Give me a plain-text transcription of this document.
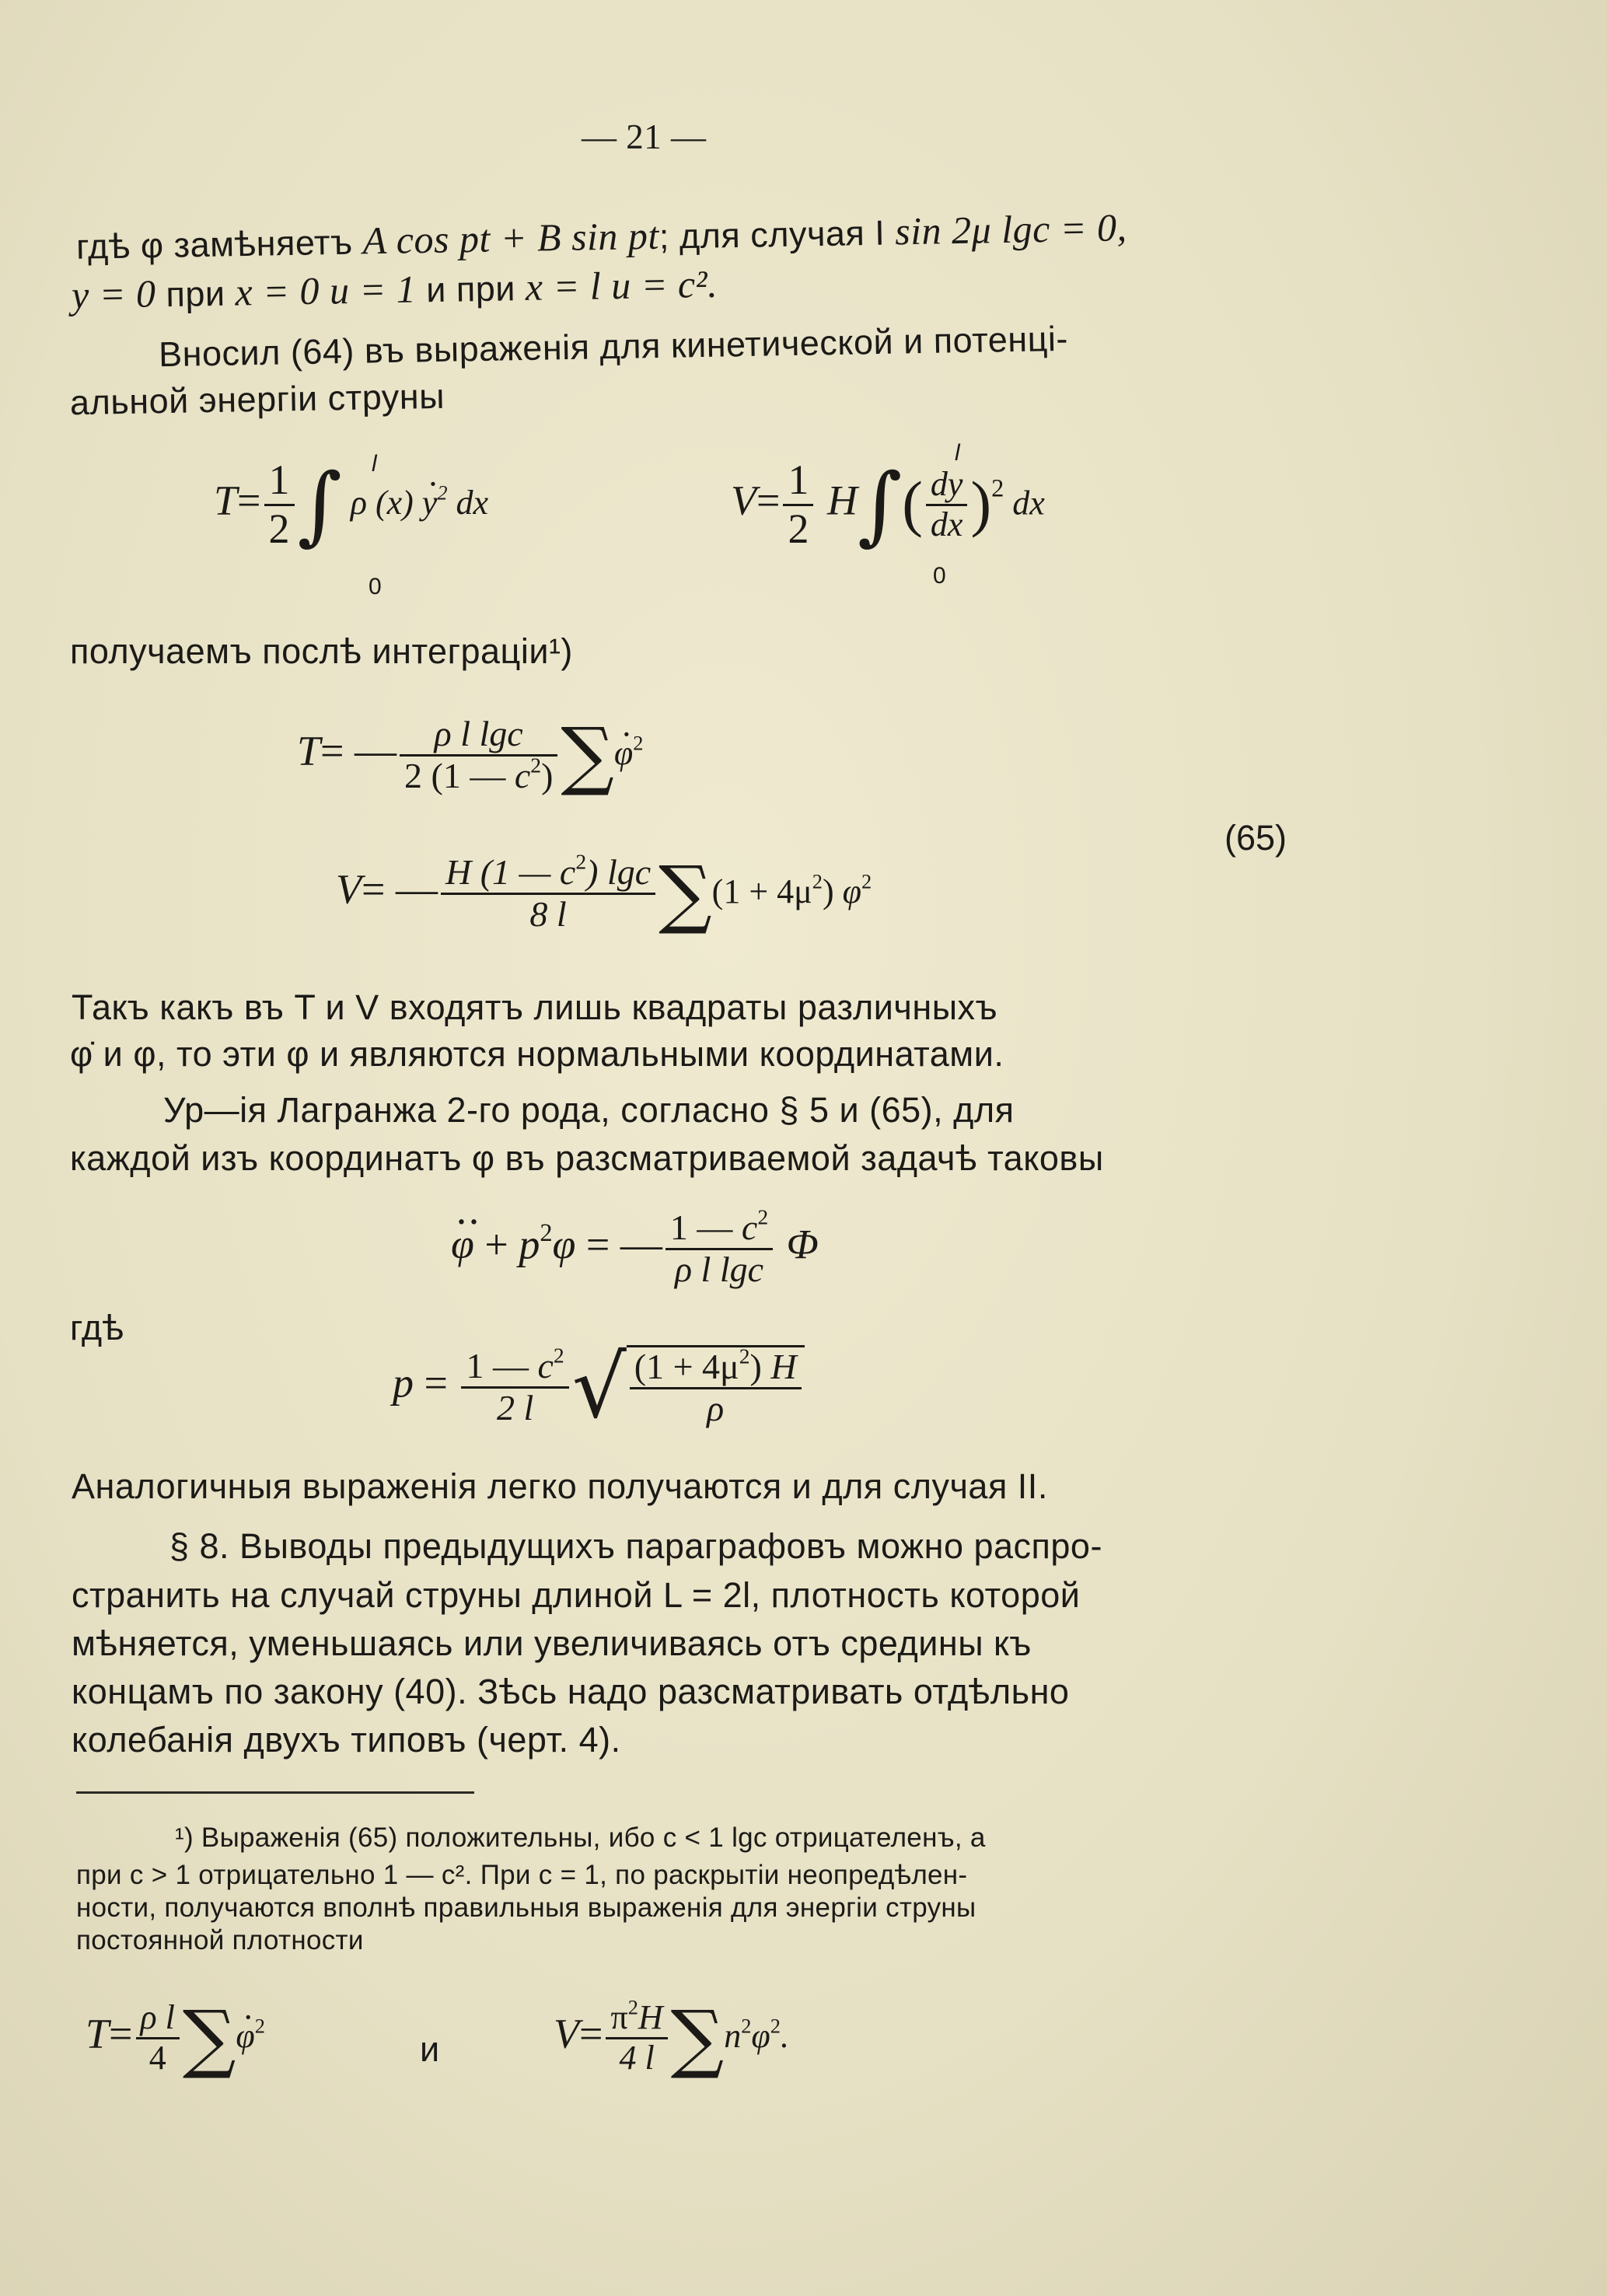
— 21 —
гдѣ φ замѣняетъ A cos pt + B sin pt; для случая I sin 2μ lgc = 0,
y = 0 при x = 0 u = 1 и при x = l u = c².
Вносил (64) въ выраженія для кинетической и потенці-
альной энергіи струны
$T= \frac{1}{2}$ ∫ ρ (x) y ·$^2$ dx
l
0
$V= \frac{1}{2} H\int( \frac{dy}{dx} )^2$ dx
l
0
получаемъ послѣ интеграціи¹)
T= — $\frac{\text{ρ l lgc}}{2 (1 — c^2)} \sum\varphi \cdot^2$
(65)
V= — $\frac{H (1 — c^2) \lg c}{8 l} \sum(1 + 4\mu^2)$ $\varphi^2$
Такъ какъ въ T и V входятъ лишь квадраты различныхъ
φ̇ и φ, то эти φ и являются нормальными координатами.
Ур—ія Лагранжа 2-го рода, согласно § 5 и (65), для
каждой изъ координатъ φ въ разсматриваемой задачѣ таковы
φ ·· + $p^2\varphi$ = — $\frac{1 — c^2}{\text{ρ l lgc}}$ Φ
гдѣ
$p = \frac{1 — c^2}{2 l}$ √ $\frac{(1 + 4\mu^2) H}{\rho}$
Аналогичныя выраженія легко получаются и для случая II.
§ 8. Выводы предыдущихъ параграфовъ можно распро-
странить на случай струны длиной L = 2l, плотность которой
мѣняется, уменьшаясь или увеличиваясь отъ средины къ
концамъ по закону (40). Зѣсь надо разсматривать отдѣльно
колебанія двухъ типовъ (черт. 4).
¹) Выраженія (65) положительны, ибо c < 1 lgc отрицателенъ, а
при c > 1 отрицательно 1 — c². При c = 1, по раскрытіи неопредѣлен-
ности, получаются вполнѣ правильныя выраженія для энергіи струны
постоянной плотности
$T= \frac{\text{ρ l}}{4} \sum\varphi \cdot^2$
и	$V= \frac{\pi^2H}{4 l} \sum n^2\varphi^2$.
